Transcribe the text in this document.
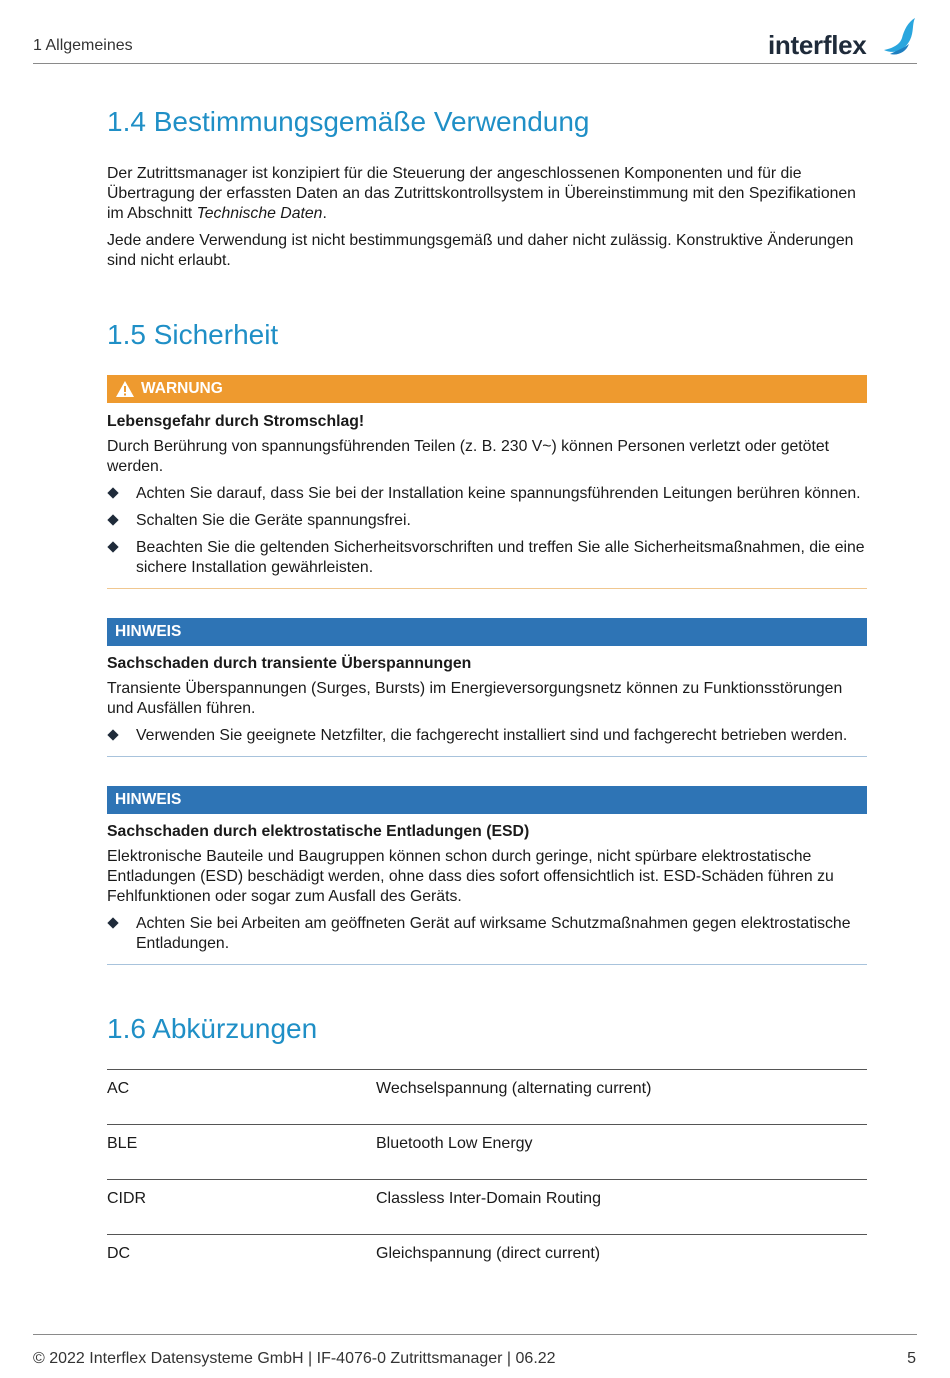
1 Allgemeines	interflex
1.4 Bestimmungsgemäße Verwendung

Der Zutrittsmanager ist konzipiert für die Steuerung der angeschlossenen Komponenten und für die Übertragung der erfassten Daten an das Zutrittskontrollsystem in Übereinstimmung mit den Spezifikationen im Abschnitt Technische Daten.

Jede andere Verwendung ist nicht bestimmungsgemäß und daher nicht zulässig. Konstruktive Änderungen sind nicht erlaubt.

1.5 Sicherheit
WARNUNG
Lebensgefahr durch Stromschlag!

Durch Berührung von spannungsführenden Teilen (z. B. 230 V~) können Personen verletzt oder getötet werden.

Achten Sie darauf, dass Sie bei der Installation keine spannungsführenden Leitungen berühren können.
Schalten Sie die Geräte spannungsfrei.
Beachten Sie die geltenden Sicherheitsvorschriften und treffen Sie alle Sicherheitsmaßnahmen, die eine sichere Installation gewährleisten.
HINWEIS
Sachschaden durch transiente Überspannungen

Transiente Überspannungen (Surges, Bursts) im Energieversorgungsnetz können zu Funktionsstörungen und Ausfällen führen.

Verwenden Sie geeignete Netzfilter, die fachgerecht installiert sind und fachgerecht betrieben werden.
HINWEIS
Sachschaden durch elektrostatische Entladungen (ESD)

Elektronische Bauteile und Baugruppen können schon durch geringe, nicht spürbare elektrostatische Entladungen (ESD) beschädigt werden, ohne dass dies sofort offensichtlich ist. ESD-Schäden führen zu Fehlfunktionen oder sogar zum Ausfall des Geräts.

Achten Sie bei Arbeiten am geöffneten Gerät auf wirksame Schutzmaßnahmen gegen elektrostatische Entladungen.
1.6 Abkürzungen
AC	Wechselspannung (alternating current)
BLE	Bluetooth Low Energy
CIDR	Classless Inter-Domain Routing
DC	Gleichspannung (direct current)
© 2022 Interflex Datensysteme GmbH | IF-4076-0 Zutrittsmanager | 06.22	5
